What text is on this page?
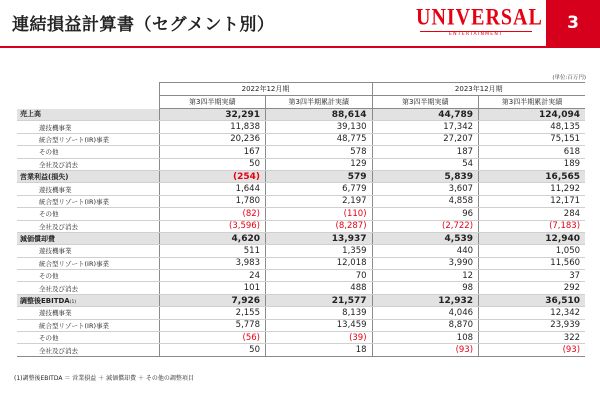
連結損益計算書（セグメント別）	UNIVERSAL
ENTERTAINMENT
3
(単位:百万円)
	2022年12月期		2023年12月期	
	第3四半期実績	第3四半期累計実績	第3四半期実績	第3四半期累計実績
売上高	32,291	88,614	44,789	124,094
遊技機事業	11,838	39,130	17,342	48,135
統合型リゾート(IR)事業	20,236	48,775	27,207	75,151
その他	167	578	187	618
全社及び消去	50	129	54	189
営業利益(損失)	(254)	579	5,839	16,565
遊技機事業	1,644	6,779	3,607	11,292
統合型リゾート(IR)事業	1,780	2,197	4,858	12,171
その他	(82)	(110)	96	284
全社及び消去	(3,596)	(8,287)	(2,722)	(7,183)
減価償却費	4,620	13,937	4,539	12,940
遊技機事業	511	1,359	440	1,050
統合型リゾート(IR)事業	3,983	12,018	3,990	11,560
その他	24	70	12	37
全社及び消去	101	488	98	292
調整後EBITDA(1)	7,926	21,577	12,932	36,510
遊技機事業	2,155	8,139	4,046	12,342
統合型リゾート(IR)事業	5,778	13,459	8,870	23,939
その他	(56)	(39)	108	322
全社及び消去	50	18	(93)	(93)
(1)調整後EBITDA ＝ 営業損益 ＋ 減価償却費 ＋ その他の調整項目
